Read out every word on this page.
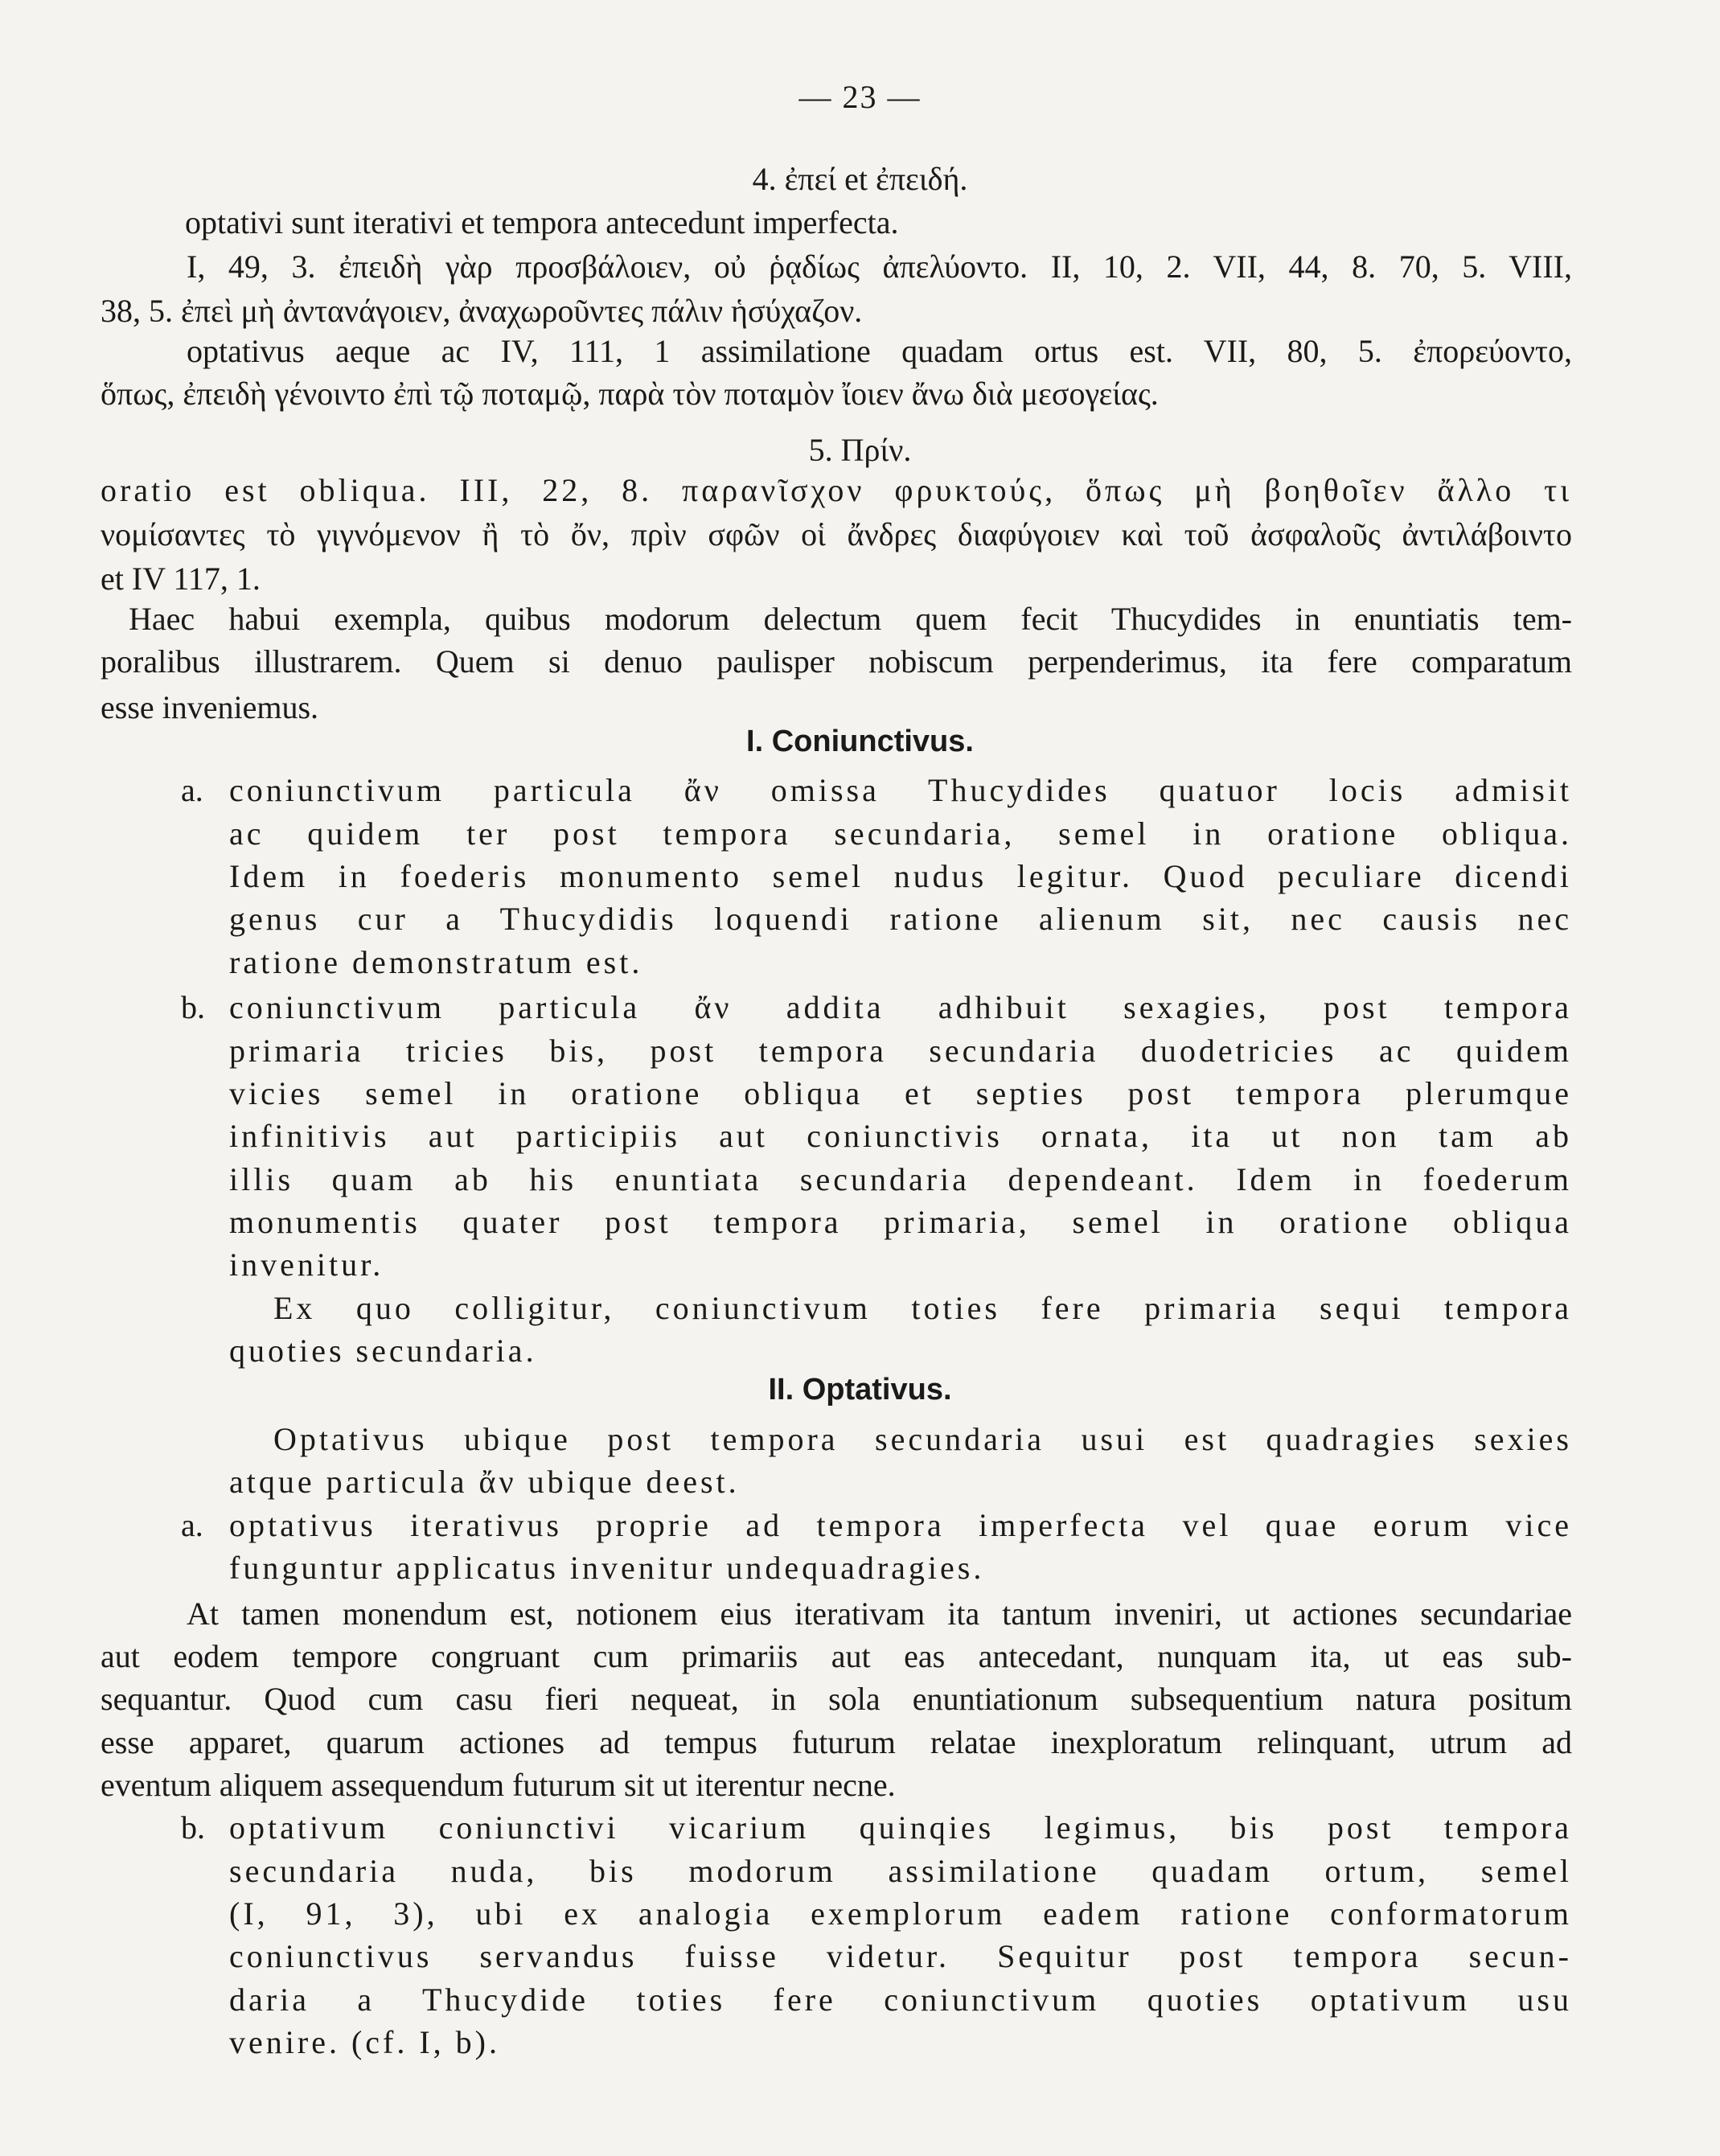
— 23 —
4. ἐπεί et ἐπειδή.
optativi sunt iterativi et tempora antecedunt imperfecta.
I, 49, 3. ἐπειδὴ γὰρ προσβάλοιεν, οὐ ῥᾳδίως ἀπελύοντο. II, 10, 2. VII, 44, 8. 70, 5. VIII,
38, 5. ἐπεὶ μὴ ἀντανάγοιεν, ἀναχωροῦντες πάλιν ἡσύχαζον.
optativus aeque ac IV, 111, 1 assimilatione quadam ortus est. VII, 80, 5. ἐπορεύοντο,
ὅπως, ἐπειδὴ γένοιντο ἐπὶ τῷ ποταμῷ, παρὰ τὸν ποταμὸν ἴοιεν ἄνω διὰ μεσογείας.
5. Πρίν.
oratio est obliqua. III, 22, 8. παρανῖσχον φρυκτούς, ὅπως μὴ βοηθοῖεν ἄλλο τι
νομίσαντες τὸ γιγνόμενον ἢ τὸ ὄν, πρὶν σφῶν οἱ ἄνδρες διαφύγοιεν καὶ τοῦ ἀσφαλοῦς ἀντιλάβοιντο
et IV 117, 1.
Haec habui exempla, quibus modorum delectum quem fecit Thucydides in enuntiatis tem-
poralibus illustrarem. Quem si denuo paulisper nobiscum perpenderimus, ita fere comparatum
esse inveniemus.
I. Coniunctivus.
a. coniunctivum particula ἄν omissa Thucydides quatuor locis admisit
ac quidem ter post tempora secundaria, semel in oratione obliqua.
Idem in foederis monumento semel nudus legitur. Quod peculiare dicendi
genus cur a Thucydidis loquendi ratione alienum sit, nec causis nec
ratione demonstratum est.
b. coniunctivum particula ἄν addita adhibuit sexagies, post tempora
primaria tricies bis, post tempora secundaria duodetricies ac quidem
vicies semel in oratione obliqua et septies post tempora plerumque
infinitivis aut participiis aut coniunctivis ornata, ita ut non tam ab
illis quam ab his enuntiata secundaria dependeant. Idem in foederum
monumentis quater post tempora primaria, semel in oratione obliqua
invenitur.
Ex quo colligitur, coniunctivum toties fere primaria sequi tempora
quoties secundaria.
II. Optativus.
Optativus ubique post tempora secundaria usui est quadragies sexies
atque particula ἄν ubique deest.
a. optativus iterativus proprie ad tempora imperfecta vel quae eorum vice
funguntur applicatus invenitur undequadragies.
At tamen monendum est, notionem eius iterativam ita tantum inveniri, ut actiones secundariae
aut eodem tempore congruant cum primariis aut eas antecedant, nunquam ita, ut eas sub-
sequantur. Quod cum casu fieri nequeat, in sola enuntiationum subsequentium natura positum
esse apparet, quarum actiones ad tempus futurum relatae inexploratum relinquant, utrum ad
eventum aliquem assequendum futurum sit ut iterentur necne.
b. optativum coniunctivi vicarium quinqies legimus, bis post tempora
secundaria nuda, bis modorum assimilatione quadam ortum, semel
(I, 91, 3), ubi ex analogia exemplorum eadem ratione conformatorum
coniunctivus servandus fuisse videtur. Sequitur post tempora secun-
daria a Thucydide toties fere coniunctivum quoties optativum usu
venire. (cf. I, b).
